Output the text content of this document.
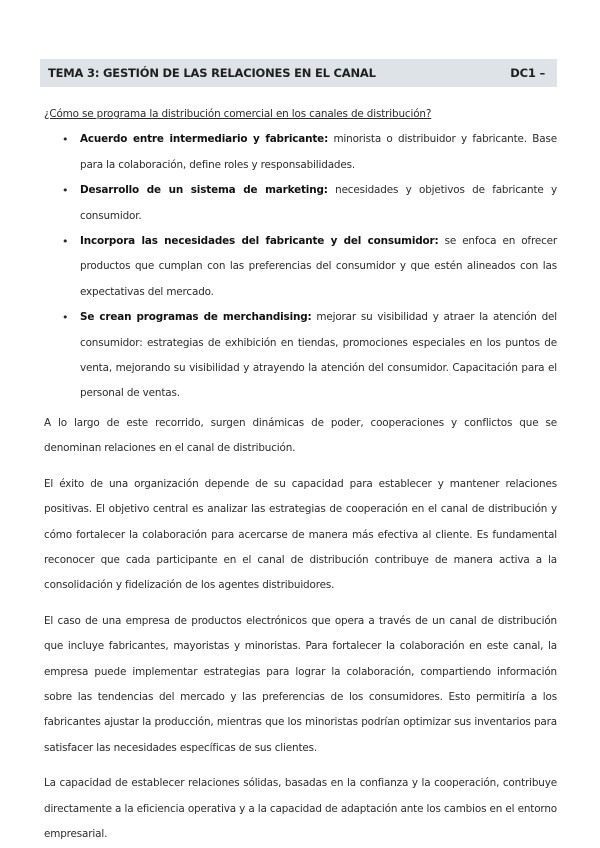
TEMA 3: GESTIÓN DE LAS RELACIONES EN EL CANAL	DC1 –

¿Cómo se programa la distribución comercial en los canales de distribución?

• Acuerdo entre intermediario y fabricante: minorista o distribuidor y fabricante. Base para la colaboración, define roles y responsabilidades.
• Desarrollo de un sistema de marketing: necesidades y objetivos de fabricante y consumidor.
• Incorpora las necesidades del fabricante y del consumidor: se enfoca en ofrecer productos que cumplan con las preferencias del consumidor y que estén alineados con las expectativas del mercado.
• Se crean programas de merchandising: mejorar su visibilidad y atraer la atención del consumidor: estrategias de exhibición en tiendas, promociones especiales en los puntos de venta, mejorando su visibilidad y atrayendo la atención del consumidor. Capacitación para el personal de ventas.

A lo largo de este recorrido, surgen dinámicas de poder, cooperaciones y conflictos que se denominan relaciones en el canal de distribución.

El éxito de una organización depende de su capacidad para establecer y mantener relaciones positivas. El objetivo central es analizar las estrategias de cooperación en el canal de distribución y cómo fortalecer la colaboración para acercarse de manera más efectiva al cliente. Es fundamental reconocer que cada participante en el canal de distribución contribuye de manera activa a la consolidación y fidelización de los agentes distribuidores.

El caso de una empresa de productos electrónicos que opera a través de un canal de distribución que incluye fabricantes, mayoristas y minoristas. Para fortalecer la colaboración en este canal, la empresa puede implementar estrategias para lograr la colaboración, compartiendo información sobre las tendencias del mercado y las preferencias de los consumidores. Esto permitiría a los fabricantes ajustar la producción, mientras que los minoristas podrían optimizar sus inventarios para satisfacer las necesidades específicas de sus clientes.

La capacidad de establecer relaciones sólidas, basadas en la confianza y la cooperación, contribuye directamente a la eficiencia operativa y a la capacidad de adaptación ante los cambios en el entorno empresarial.
